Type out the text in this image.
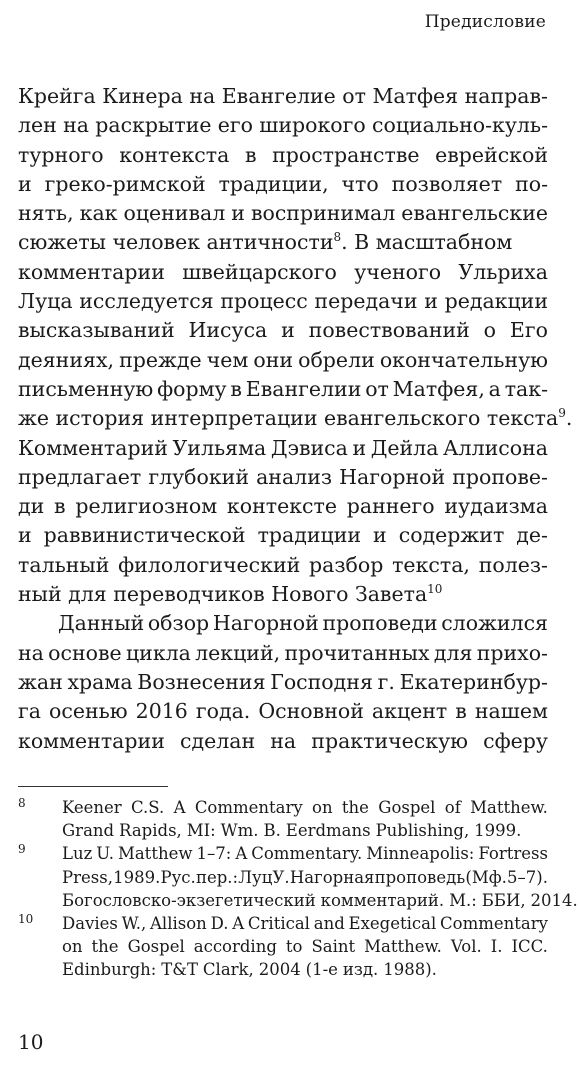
Предисловие
Крейга Кинера на Евангелие от Матфея направ-
лен на раскрытие его широкого социально-куль-
турного контекста в пространстве еврейской
и греко-римской традиции, что позволяет по-
нять, как оценивал и воспринимал евангельские
сюжеты человек античности$^8$. В масштабном
комментарии швейцарского ученого Ульриха
Луца исследуется процесс передачи и редакции
высказываний Иисуса и повествований о Его
деяниях, прежде чем они обрели окончательную
письменную форму в Евангелии от Матфея, а так-
же история интерпретации евангельского текста$^9$.
Комментарий Уильяма Дэвиса и Дейла Аллисона
предлагает глубокий анализ Нагорной пропове-
ди в религиозном контексте раннего иудаизма
и раввинистической традиции и содержит де-
тальный филологический разбор текста, полез-
ный для переводчиков Нового Завета$^{10}$
Данный обзор Нагорной проповеди сложился
на основе цикла лекций, прочитанных для прихо-
жан храма Вознесения Господня г. Екатеринбур-
га осенью 2016 года. Основной акцент в нашем
комментарии сделан на практическую сферу
8 Keener C.S. A Commentary on the Gospel of Matthew.
Grand Rapids, MI: Wm. B. Eerdmans Publishing, 1999.
9 Luz U. Matthew 1–7: A Commentary. Minneapolis: Fortress
Press, 1989. Рус. пер.: Луц У. Нагорная проповедь (Мф. 5–7).
Богословско-экзегетический комментарий. М.: ББИ, 2014.
10 Davies W., Allison D. A Critical and Exegetical Commentary
on the Gospel according to Saint Matthew. Vol. I. ICC.
Edinburgh: T&T Clark, 2004 (1-е изд. 1988).
10
